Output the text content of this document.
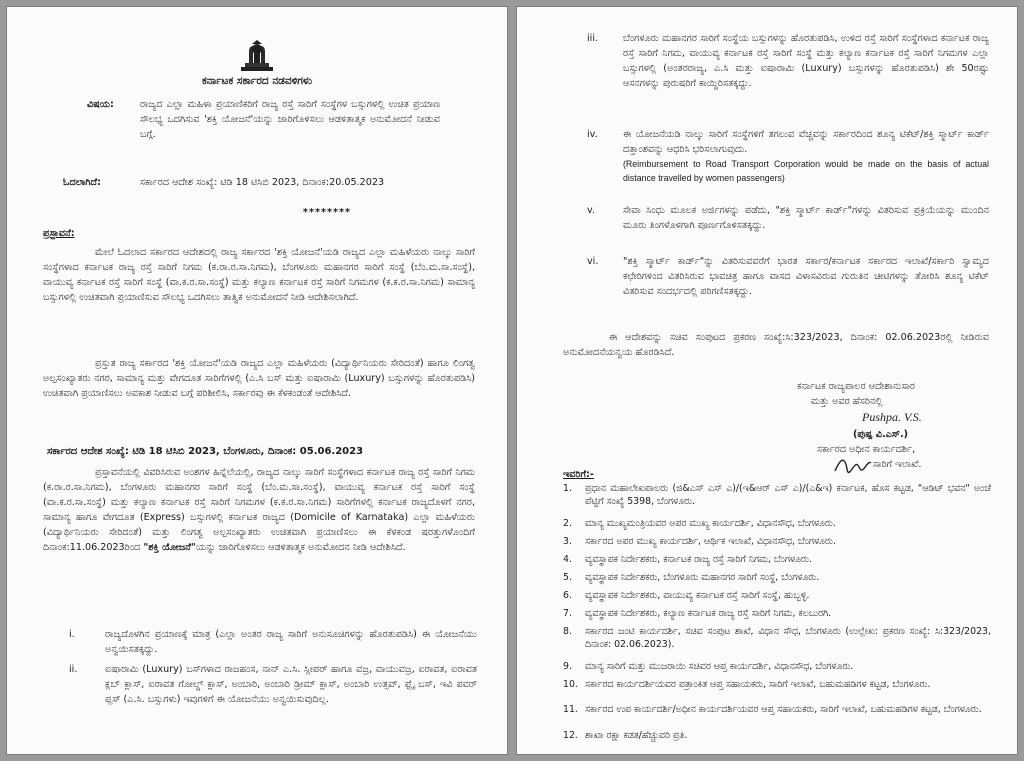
ಕರ್ನಾಟಕ ಸರ್ಕಾರದ ನಡವಳಿಗಳು
ವಿಷಯ:	ರಾಜ್ಯದ ಎಲ್ಲಾ ಮಹಿಳಾ ಪ್ರಯಾಣಿಕರಿಗೆ ರಾಜ್ಯ ರಸ್ತೆ ಸಾರಿಗೆ ಸಂಸ್ಥೆಗಳ ಬಸ್ಸುಗಳಲ್ಲಿ ಉಚಿತ ಪ್ರಯಾಣ ಸೌಲಭ್ಯ ಒದಗಿಸುವ 'ಶಕ್ತಿ ಯೋಜನೆ'ಯನ್ನು ಜಾರಿಗೊಳಿಸಲು ಆಡಳಿತಾತ್ಮಕ ಅನುಮೋದನೆ ನೀಡುವ ಬಗ್ಗೆ.
ಓದಲಾಗಿದೆ:	ಸರ್ಕಾರದ ಆದೇಶ ಸಂಖ್ಯೆ: ಟಿಡಿ 18 ಟಿಸಿಬಿ 2023, ದಿನಾಂಕ:20.05.2023
********
ಪ್ರಸ್ತಾವನೆ:
ಮೇಲೆ ಓದಲಾದ ಸರ್ಕಾರದ ಆದೇಶದಲ್ಲಿ ರಾಜ್ಯ ಸರ್ಕಾರದ 'ಶಕ್ತಿ ಯೋಜನೆ'ಯಡಿ ರಾಜ್ಯದ ಎಲ್ಲಾ ಮಹಿಳೆಯರು ನಾಲ್ಕು ಸಾರಿಗೆ ಸಂಸ್ಥೆಗಳಾದ ಕರ್ನಾಟಕ ರಾಜ್ಯ ರಸ್ತೆ ಸಾರಿಗೆ ನಿಗಮ (ಕ.ರಾ.ರ.ಸಾ.ನಿಗಮ), ಬೆಂಗಳೂರು ಮಹಾನಗರ ಸಾರಿಗೆ ಸಂಸ್ಥೆ (ಬೆಂ.ಮ.ಸಾ.ಸಂಸ್ಥೆ), ವಾಯುವ್ಯ ಕರ್ನಾಟಕ ರಸ್ತೆ ಸಾರಿಗೆ ಸಂಸ್ಥೆ (ವಾ.ಕ.ರ.ಸಾ.ಸಂಸ್ಥೆ) ಮತ್ತು ಕಲ್ಯಾಣ ಕರ್ನಾಟಕ ರಸ್ತೆ ಸಾರಿಗೆ ನಿಗಮಗಳ (ಕ.ಕ.ರ.ಸಾ.ನಿಗಮ) ಸಾಮಾನ್ಯ ಬಸ್ಸುಗಳಲ್ಲಿ ಉಚಿತವಾಗಿ ಪ್ರಯಾಣಿಸುವ ಸೌಲಭ್ಯ ಒದಗಿಸಲು ತಾತ್ವಿಕ ಅನುಮೋದನೆ ನೀಡಿ ಆದೇಶಿಸಲಾಗಿದೆ.
ಪ್ರಸ್ತುತ ರಾಜ್ಯ ಸರ್ಕಾರದ 'ಶಕ್ತಿ ಯೋಜನೆ'ಯಡಿ ರಾಜ್ಯದ ಎಲ್ಲಾ ಮಹಿಳೆಯರು (ವಿದ್ಯಾರ್ಥಿನಿಯರು ಸೇರಿದಂತೆ) ಹಾಗೂ ಲಿಂಗತ್ವ ಅಲ್ಪಸಂಖ್ಯಾತರು ನಗರ, ಸಾಮಾನ್ಯ ಮತ್ತು ವೇಗದೂತ ಸಾರಿಗೆಗಳಲ್ಲಿ (ಎ.ಸಿ ಬಸ್ ಮತ್ತು ಐಷಾರಾಮಿ (Luxury) ಬಸ್ಸುಗಳನ್ನು ಹೊರತುಪಡಿಸಿ) ಉಚಿತವಾಗಿ ಪ್ರಯಾಣಿಸಲು ಅವಕಾಶ ನೀಡುವ ಬಗ್ಗೆ ಪರಿಶೀಲಿಸಿ, ಸರ್ಕಾರವು ಈ ಕೆಳಕಂಡಂತೆ ಆದೇಶಿಸಿದೆ.
ಸರ್ಕಾರದ ಆದೇಶ ಸಂಖ್ಯೆ: ಟಿಡಿ 18 ಟಿಸಿಬಿ 2023, ಬೆಂಗಳೂರು, ದಿನಾಂಕ: 05.06.2023
ಪ್ರಸ್ತಾವನೆಯಲ್ಲಿ ವಿವರಿಸಿರುವ ಅಂಶಗಳ ಹಿನ್ನೆಲೆಯಲ್ಲಿ, ರಾಜ್ಯದ ನಾಲ್ಕು ಸಾರಿಗೆ ಸಂಸ್ಥೆಗಳಾದ ಕರ್ನಾಟಕ ರಾಜ್ಯ ರಸ್ತೆ ಸಾರಿಗೆ ನಿಗಮ (ಕ.ರಾ.ರ.ಸಾ.ನಿಗಮ), ಬೆಂಗಳೂರು ಮಹಾನಗರ ಸಾರಿಗೆ ಸಂಸ್ಥೆ (ಬೆಂ.ಮ.ಸಾ.ಸಂಸ್ಥೆ), ವಾಯುವ್ಯ ಕರ್ನಾಟಕ ರಸ್ತೆ ಸಾರಿಗೆ ಸಂಸ್ಥೆ (ವಾ.ಕ.ರ.ಸಾ.ಸಂಸ್ಥೆ) ಮತ್ತು ಕಲ್ಯಾಣ ಕರ್ನಾಟಕ ರಸ್ತೆ ಸಾರಿಗೆ ನಿಗಮಗಳ (ಕ.ಕ.ರ.ಸಾ.ನಿಗಮ) ಸಾರಿಗೆಗಳಲ್ಲಿ ಕರ್ನಾಟಕ ರಾಜ್ಯದೊಳಗೆ ನಗರ, ಸಾಮಾನ್ಯ ಹಾಗೂ ವೇಗದೂತ (Express) ಬಸ್ಸುಗಳಲ್ಲಿ ಕರ್ನಾಟಕ ರಾಜ್ಯದ (Domicile of Karnataka) ಎಲ್ಲಾ ಮಹಿಳೆಯರು (ವಿದ್ಯಾರ್ಥಿನಿಯರು ಸೇರಿದಂತೆ) ಮತ್ತು ಲಿಂಗತ್ವ ಅಲ್ಪಸಂಖ್ಯಾತರು ಉಚಿತವಾಗಿ ಪ್ರಯಾಣಿಸಲು ಈ ಕೆಳಕಂಡ ಷರತ್ತುಗಳೊಂದಿಗೆ ದಿನಾಂಕ:11.06.2023ರಿಂದ "ಶಕ್ತಿ ಯೋಜನೆ"ಯನ್ನು ಜಾರಿಗೊಳಿಸಲು ಆಡಳಿತಾತ್ಮಕ ಅನುಮೋದನ ನೀಡಿ ಆದೇಶಿಸಿದೆ.
i.	ರಾಜ್ಯದೊಳಗಿನ ಪ್ರಯಾಣಕ್ಕೆ ಮಾತ್ರ (ಎಲ್ಲಾ ಅಂತರ ರಾಜ್ಯ ಸಾರಿಗೆ ಅನುಸೂಚಿಗಳನ್ನು ಹೊರತುಪಡಿಸಿ) ಈ ಯೋಜನೆಯು ಅನ್ವಯಿಸತಕ್ಕದ್ದು.
ii.	ಐಷಾರಾಮಿ (Luxury) ಬಸ್‌ಗಳಾದ ರಾಜಹಂಸ, ನಾನ್ ಎ.ಸಿ. ಸ್ಲೀಪರ್ ಹಾಗೂ ವಜ್ರ, ವಾಯುವಜ್ರ, ಐರಾವತ, ಐರಾವತ ಕ್ಲಬ್ ಕ್ಲಾಸ್, ಐರಾವತ ಗೋಲ್ಡ್ ಕ್ಲಾಸ್, ಅಂಬಾರಿ, ಅಂಬಾರಿ ಡ್ರೀಮ್ ಕ್ಲಾಸ್, ಅಂಬಾರಿ ಉತ್ಸವ್, ಫ್ಲೈ ಬಸ್, ಇವಿ ಪವರ್ ಪ್ಲಸ್ (ಎ.ಸಿ. ಬಸ್ಸುಗಳು) ಇವುಗಳಿಗೆ ಈ ಯೋಜನೆಯು ಅನ್ವಯಿಸುವುದಿಲ್ಲ.
iii.	ಬೆಂಗಳೂರು ಮಹಾನಗರ ಸಾರಿಗೆ ಸಂಸ್ಥೆಯ ಬಸ್ಸುಗಳನ್ನು ಹೊರತುಪಡಿಸಿ, ಉಳಿದ ರಸ್ತೆ ಸಾರಿಗೆ ಸಂಸ್ಥೆಗಳಾದ ಕರ್ನಾಟಕ ರಾಜ್ಯ ರಸ್ತೆ ಸಾರಿಗೆ ನಿಗಮ, ವಾಯುವ್ಯ ಕರ್ನಾಟಕ ರಸ್ತೆ ಸಾರಿಗೆ ಸಂಸ್ಥೆ ಮತ್ತು ಕಲ್ಯಾಣ ಕರ್ನಾಟಕ ರಸ್ತೆ ಸಾರಿಗೆ ನಿಗಮಗಳ ಎಲ್ಲಾ ಬಸ್ಸುಗಳಲ್ಲಿ (ಅಂತರರಾಜ್ಯ, ಎ.ಸಿ ಮತ್ತು ಐಷಾರಾಮಿ (Luxury) ಬಸ್ಸುಗಳನ್ನು ಹೊರತುಪಡಿಸಿ) ಶೇ 50ರಷ್ಟು ಆಸನಗಳನ್ನು ಪುರುಷರಿಗೆ ಕಾಯ್ದಿರಿಸತಕ್ಕದ್ದು.
iv.	ಈ ಯೋಜನೆಯಡಿ ನಾಲ್ಕು ಸಾರಿಗೆ ಸಂಸ್ಥೆಗಳಿಗೆ ತಗಲುವ ವೆಚ್ಚವನ್ನು ಸರ್ಕಾರದಿಂದ ಶೂನ್ಯ ಟಿಕೆಟ್/ಶಕ್ತಿ ಸ್ಮಾರ್ಟ್ ಕಾರ್ಡ್ ದತ್ತಾಂಶವನ್ನು ಆಧರಿಸಿ ಭರಿಸಲಾಗುವುದು.
(Reimbursement to Road Transport Corporation would be made on the basis of actual distance travelled by women passengers)
v.	ಸೇವಾ ಸಿಂಧು ಮೂಲಕ ಅರ್ಜಿಗಳನ್ನು ಪಡೆದು, "ಶಕ್ತಿ ಸ್ಮಾರ್ಟ್ ಕಾರ್ಡ್"ಗಳನ್ನು ವಿತರಿಸುವ ಪ್ರಕ್ರಿಯೆಯನ್ನು ಮುಂದಿನ ಮೂರು ತಿಂಗಳೊಳಗಾಗಿ ಪೂರ್ಣಗೊಳಿಸತಕ್ಕದ್ದು.
vi.	"ಶಕ್ತಿ ಸ್ಮಾರ್ಟ್ ಕಾರ್ಡ್"ನ್ನು ವಿತರಿಸುವವರೆಗೆ ಭಾರತ ಸರ್ಕಾರ/ಕರ್ನಾಟಕ ಸರ್ಕಾರದ ಇಲಾಖೆ/ಸರ್ಕಾರಿ ಸ್ವಾಮ್ಯದ ಕಛೇರಿಗಳಿಂದ ವಿತರಿಸಿರುವ ಭಾವಚಿತ್ರ ಹಾಗೂ ವಾಸದ ವಿಳಾಸವಿರುವ ಗುರುತಿನ ಚೀಟಿಗಳನ್ನು ತೋರಿಸಿ ಶೂನ್ಯ ಟಿಕೆಟ್ ವಿತರಿಸುವ ಸಂದರ್ಭದಲ್ಲಿ ಪರಿಗಣಿಸತಕ್ಕದ್ದು.
ಈ ಆದೇಶವನ್ನು ಸಚಿವ ಸಂಪುಟದ ಪ್ರಕರಣ ಸಂಖ್ಯೆ:ಸಿ:323/2023, ದಿನಾಂಕ: 02.06.2023ರಲ್ಲಿ ನೀಡಿರುವ ಅನುಮೋದನೆಯನ್ವಯ ಹೊರಡಿಸಿದೆ.
ಕರ್ನಾಟಕ ರಾಜ್ಯಪಾಲರ ಆದೇಶಾನುಸಾರ
ಮತ್ತು ಅವರ ಹೆಸರಿನಲ್ಲಿ
Pushpa. V.S.
(ಪುಷ್ಪ ವಿ.ಎಸ್.)
ಸರ್ಕಾರದ ಅಧೀನ ಕಾರ್ಯದರ್ಶಿ,
ಸಾರಿಗೆ ಇಲಾಖೆ.
ಇವರಿಗೆ:-
1.	ಪ್ರಧಾನ ಮಹಾಲೇಖಪಾಲರು (ಜಿ&ಎಸ್ ಎಸ್ ಎ)/(ಇ&ಆರ್ ಎಸ್ ಎ)/(ಎ&ಇ) ಕರ್ನಾಟಕ, ಹೊಸ ಕಟ್ಟಡ, "ಆಡಿಟ್ ಭವನ" ಅಂಚೆ ಪೆಟ್ಟಿಗೆ ಸಂಖ್ಯೆ 5398, ಬೆಂಗಳೂರು.
2.	ಮಾನ್ಯ ಮುಖ್ಯಮಂತ್ರಿಯವರ ಅಪರ ಮುಖ್ಯ ಕಾರ್ಯದರ್ಶಿ, ವಿಧಾನಸೌಧ, ಬೆಂಗಳೂರು.
3.	ಸರ್ಕಾರದ ಅಪರ ಮುಖ್ಯ ಕಾರ್ಯದರ್ಶಿ, ಆರ್ಥಿಕ ಇಲಾಖೆ, ವಿಧಾನಸೌಧ, ಬೆಂಗಳೂರು.
4.	ವ್ಯವಸ್ಥಾಪಕ ನಿರ್ದೇಶಕರು, ಕರ್ನಾಟಕ ರಾಜ್ಯ ರಸ್ತೆ ಸಾರಿಗೆ ನಿಗಮ, ಬೆಂಗಳೂರು.
5.	ವ್ಯವಸ್ಥಾಪಕ ನಿರ್ದೇಶಕರು, ಬೆಂಗಳೂರು ಮಹಾನಗರ ಸಾರಿಗೆ ಸಂಸ್ಥೆ, ಬೆಂಗಳೂರು.
6.	ವ್ಯವಸ್ಥಾಪಕ ನಿರ್ದೇಶಕರು, ವಾಯುವ್ಯ ಕರ್ನಾಟಕ ರಸ್ತೆ ಸಾರಿಗೆ ಸಂಸ್ಥೆ, ಹುಬ್ಬಳ್ಳಿ.
7.	ವ್ಯವಸ್ಥಾಪಕ ನಿರ್ದೇಶಕರು, ಕಲ್ಯಾಣ ಕರ್ನಾಟಕ ರಾಜ್ಯ ರಸ್ತೆ ಸಾರಿಗೆ ನಿಗಮ, ಕಲಬುರಗಿ.
8.	ಸರ್ಕಾರದ ಜಂಟಿ ಕಾರ್ಯದರ್ಶಿ, ಸಚಿವ ಸಂಪುಟ ಶಾಖೆ, ವಿಧಾನ ಸೌಧ, ಬೆಂಗಳೂರು (ಉಲ್ಲೇಖ: ಪ್ರಕರಣ ಸಂಖ್ಯೆ: ಸಿ:323/2023, ದಿನಾಂಕ: 02.06.2023).
9.	ಮಾನ್ಯ ಸಾರಿಗೆ ಮತ್ತು ಮುಜರಾಯಿ ಸಚಿವರ ಆಪ್ತ ಕಾರ್ಯದರ್ಶಿ, ವಿಧಾನಸೌಧ, ಬೆಂಗಳೂರು.
10. ಸರ್ಕಾರದ ಕಾರ್ಯದರ್ಶಿಯವರ ಪತ್ರಾಂಕಿತ ಆಪ್ತ ಸಹಾಯಕರು, ಸಾರಿಗೆ ಇಲಾಖೆ, ಬಹುಮಹಡಿಗಳ ಕಟ್ಟಡ, ಬೆಂಗಳೂರು.
11. ಸರ್ಕಾರದ ಉಪ ಕಾರ್ಯದರ್ಶಿ/ಅಧೀನ ಕಾರ್ಯದರ್ಶಿಯವರ ಆಪ್ತ ಸಹಾಯಕರು, ಸಾರಿಗೆ ಇಲಾಖೆ, ಬಹುಮಹಡಿಗಳ ಕಟ್ಟಡ, ಬೆಂಗಳೂರು.
12. ಶಾಖಾ ರಕ್ಷಾ ಕಡತ/ಹೆಚ್ಚುವರಿ ಪ್ರತಿ.
